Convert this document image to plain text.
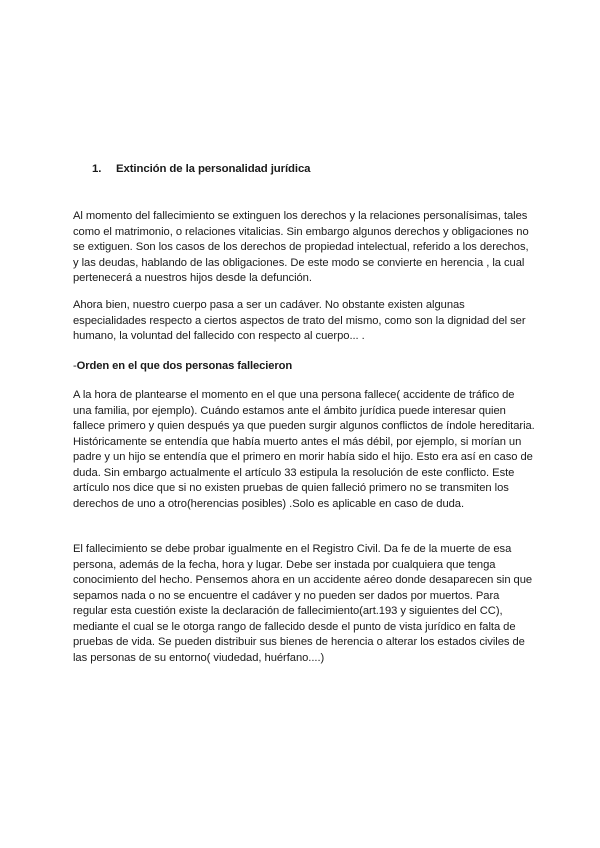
1. Extinción de la personalidad jurídica

Al momento del fallecimiento se extinguen los derechos y la relaciones personalísimas, tales como el matrimonio, o relaciones vitalicias. Sin embargo algunos derechos y obligaciones no se extiguen. Son los casos de los derechos de propiedad intelectual, referido a los derechos, y las deudas, hablando de las obligaciones. De este modo se convierte en herencia , la cual pertenecerá a nuestros hijos desde la defunción.

Ahora bien, nuestro cuerpo pasa a ser un cadáver. No obstante existen algunas especialidades respecto a ciertos aspectos de trato del mismo, como son la dignidad del ser humano, la voluntad del fallecido con respecto al cuerpo... .

-Orden en el que dos personas fallecieron

A la hora de plantearse el momento en el que una persona fallece( accidente de tráfico de una familia, por ejemplo). Cuándo estamos ante el ámbito jurídica puede interesar quien fallece primero y quien después ya que pueden surgir algunos conflictos de índole hereditaria. Históricamente se entendía que había muerto antes el más débil, por ejemplo, si morían un padre y un hijo se entendía que el primero en morir había sido el hijo. Esto era así en caso de duda. Sin embargo actualmente el artículo 33 estipula la resolución de este conflicto. Este artículo nos dice que si no existen pruebas de quien falleció primero no se transmiten los derechos de uno a otro(herencias posibles) .Solo es aplicable en caso de duda.

El fallecimiento se debe probar igualmente en el Registro Civil. Da fe de la muerte de esa persona, además de la fecha, hora y lugar. Debe ser instada por cualquiera que tenga conocimiento del hecho. Pensemos ahora en un accidente aéreo donde desaparecen sin que sepamos nada o no se encuentre el cadáver y no pueden ser dados por muertos. Para regular esta cuestión existe la declaración de fallecimiento(art.193 y siguientes del CC), mediante el cual se le otorga rango de fallecido desde el punto de vista jurídico en falta de pruebas de vida. Se pueden distribuir sus bienes de herencia o alterar los estados civiles de las personas de su entorno( viudedad, huérfano....)
